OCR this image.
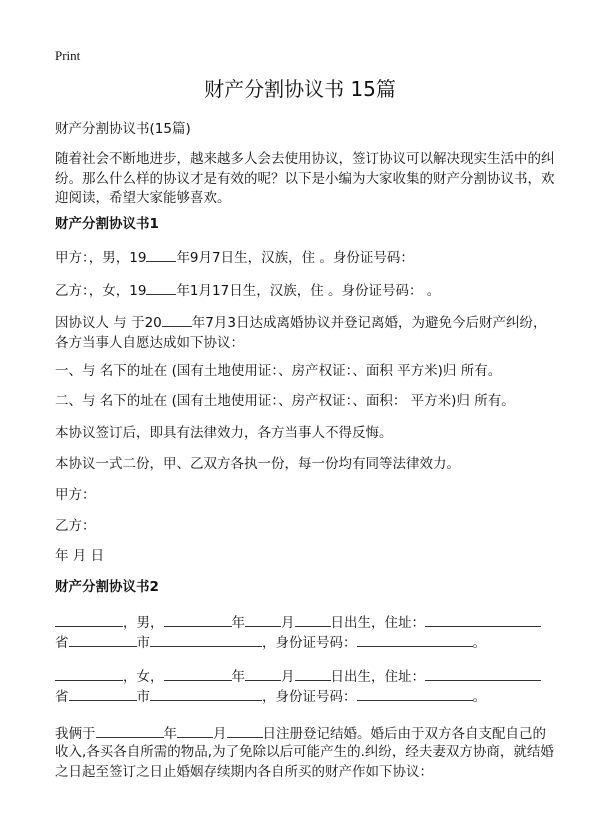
Print
财产分割协议书 15篇
财产分割协议书(15篇)
随着社会不断地进步，越来越多人会去使用协议，签订协议可以解决现实生活中的纠纷。那么什么样的协议才是有效的呢？以下是小编为大家收集的财产分割协议书，欢迎阅读，希望大家能够喜欢。
财产分割协议书1
甲方：，男，19 年9月7日生，汉族，住 。身份证号码：
乙方：，女，19 年1月17日生，汉族，住 。身份证号码： 。
因协议人 与 于20 年7月3日达成离婚协议并登记离婚，为避免今后财产纠纷，各方当事人自愿达成如下协议：
一、与 名下的址在 (国有土地使用证：、房产权证：、面积 平方米)归 所有。
二、与 名下的址在 (国有土地使用证：、房产权证：、面积： 平方米)归 所有。
本协议签订后，即具有法律效力，各方当事人不得反悔。
本协议一式二份，甲、乙双方各执一份，每一份均有同等法律效力。
甲方：
乙方：
年 月 日
财产分割协议书2
，男，	年	月	日出生，住址：
省	市	，身份证号码：	。
，女，	年	月	日出生，住址：
省	市	，身份证号码：	。
我俩于	年	月	日注册登记结婚。婚后由于双方各自支配自己的
收入,各买各自所需的物品,为了免除以后可能产生的.纠纷，经夫妻双方协商，就结婚之日起至签订之日止婚姻存续期内各自所买的财产作如下协议：
